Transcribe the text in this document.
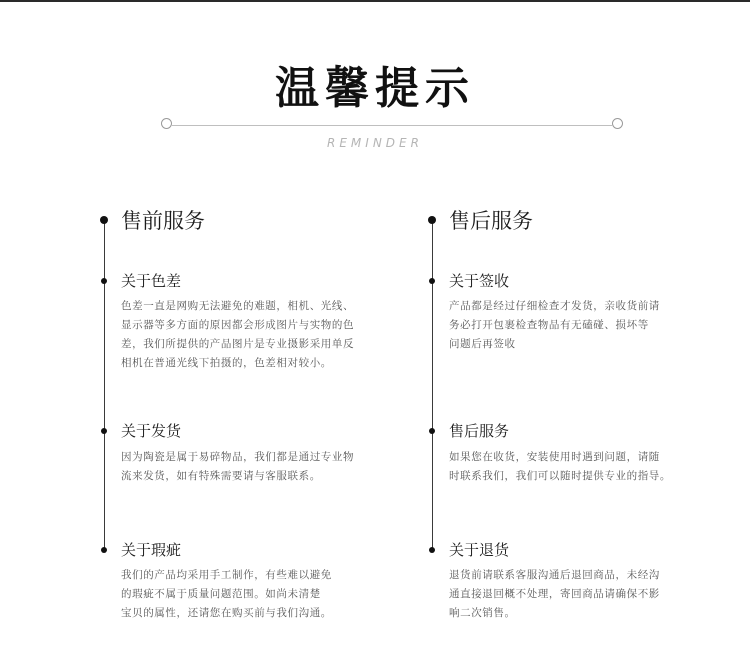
温馨提示
REMINDER
售前服务
关于色差
色差一直是网购无法避免的难题，相机、光线、
显示器等多方面的原因都会形成图片与实物的色
差，我们所提供的产品图片是专业摄影采用单反
相机在普通光线下拍摄的，色差相对较小。
关于发货
因为陶瓷是属于易碎物品，我们都是通过专业物
流来发货，如有特殊需要请与客服联系。
关于瑕疵
我们的产品均采用手工制作，有些难以避免
的瑕疵不属于质量问题范围。如尚未清楚
宝贝的属性，还请您在购买前与我们沟通。
售后服务
关于签收
产品都是经过仔细检查才发货，亲收货前请
务必打开包裹检查物品有无磕碰、损坏等
问题后再签收
售后服务
如果您在收货，安装使用时遇到问题，请随
时联系我们，我们可以随时提供专业的指导。
关于退货
退货前请联系客服沟通后退回商品，未经沟
通直接退回概不处理，寄回商品请确保不影
响二次销售。
